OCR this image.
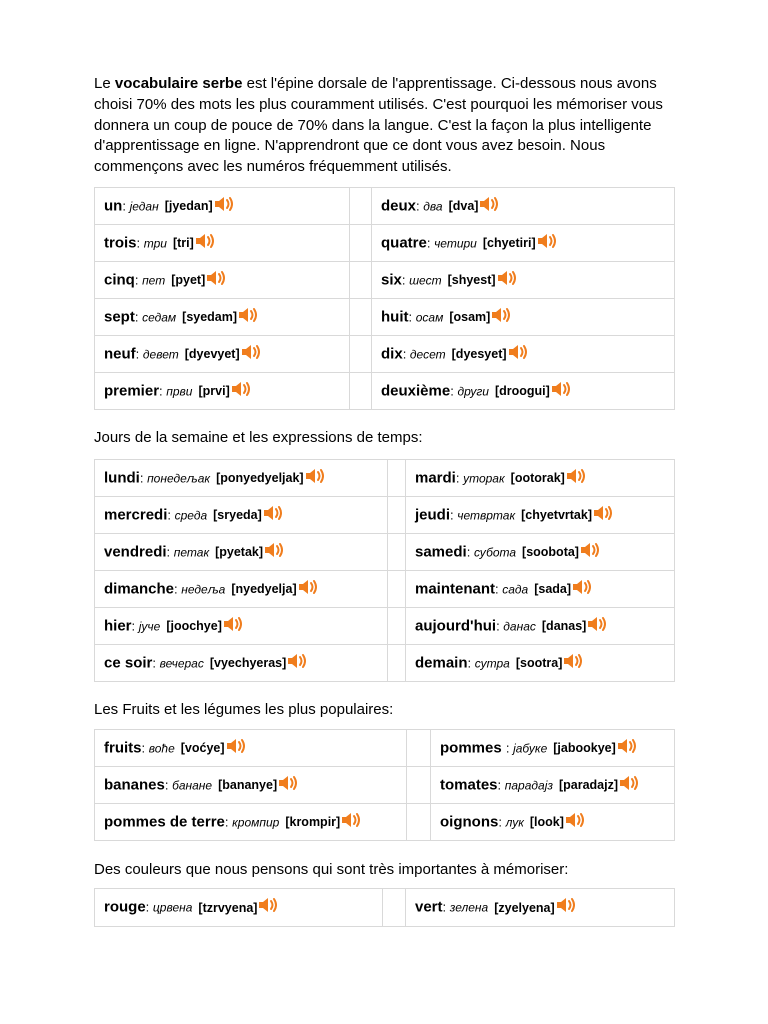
Le vocabulaire serbe est l'épine dorsale de l'apprentissage. Ci-dessous nous avons choisi 70% des mots les plus couramment utilisés. C'est pourquoi les mémoriser vous donnera un coup de pouce de 70% dans la langue. C'est la façon la plus intelligente d'apprentissage en ligne. N'apprendront que ce dont vous avez besoin. Nous commençons avec les numéros fréquemment utilisés.

un: један [jyedan]		deux: два [dva]
trois: три [tri]		quatre: четири [chyetiri]
cinq: пет [pyet]		six: шест [shyest]
sept: седам [syedam]		huit: осам [osam]
neuf: девет [dyevyet]		dix: десет [dyesyet]
premier: први [prvi]		deuxième: други [droogui]

Jours de la semaine et les expressions de temps:

lundi: понедељак [ponyedyeljak]		mardi: уторак [ootorak]
mercredi: среда [sryeda]		jeudi: четвртак [chyetvrtak]
vendredi: петак [pyetak]		samedi: субота [soobota]
dimanche: недеља [nyedyelja]		maintenant: сада [sada]
hier: јуче [joochye]		aujourd'hui: данас [danas]
ce soir: вечерас [vyechyeras]		demain: сутра [sootra]

Les Fruits et les légumes les plus populaires:

fruits: воће [voćye]		pommes : јабуке [jabookye]
bananes: банане [bananye]		tomates: парадајз [paradajz]
pommes de terre: кромпир [krompir]		oignons: лук [look]

Des couleurs que nous pensons qui sont très importantes à mémoriser:

rouge: црвена [tzrvyena]		vert: зелена [zyelyena]
